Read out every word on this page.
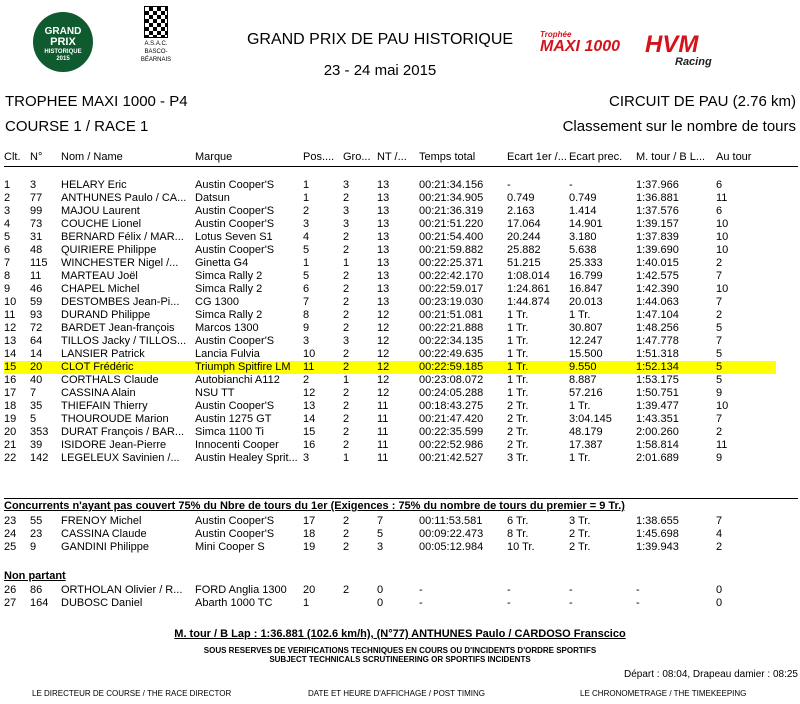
GRAND
PRIX
HISTORIQUE
2015
A.S.A.C.
BASCO-BÉARNAIS
GRAND PRIX DE PAU HISTORIQUE
23 - 24 mai 2015
Trophée
MAXI 1000	HVM
Racing
TROPHEE MAXI 1000 - P4	CIRCUIT DE PAU (2.76 km)
COURSE 1 / RACE 1	Classement sur le nombre de tours
Clt.	N°	Nom / Name	Marque	Pos....	Gro...	NT /...	Temps total	Ecart 1er /...	Ecart prec.	M. tour / B L...	Au tour
1	3	HELARY Eric	Austin Cooper'S	1	3	13	00:21:34.156	-	-	1:37.966	6
2	77	ANTHUNES Paulo / CA...	Datsun	1	2	13	00:21:34.905	0.749	0.749	1:36.881	11
3	99	MAJOU Laurent	Austin Cooper'S	2	3	13	00:21:36.319	2.163	1.414	1:37.576	6
4	73	COUCHE Lionel	Austin Cooper'S	3	3	13	00:21:51.220	17.064	14.901	1:39.157	10
5	31	BERNARD Félix / MAR...	Lotus Seven S1	4	2	13	00:21:54.400	20.244	3.180	1:37.839	10
6	48	QUIRIERE Philippe	Austin Cooper'S	5	2	13	00:21:59.882	25.882	5.638	1:39.690	10
7	115	WINCHESTER Nigel /...	Ginetta G4	1	1	13	00:22:25.371	51.215	25.333	1:40.015	2
8	11	MARTEAU Joël	Simca Rally 2	5	2	13	00:22:42.170	1:08.014	16.799	1:42.575	7
9	46	CHAPEL Michel	Simca Rally 2	6	2	13	00:22:59.017	1:24.861	16.847	1:42.390	10
10	59	DESTOMBES Jean-Pi...	CG 1300	7	2	13	00:23:19.030	1:44.874	20.013	1:44.063	7
11	93	DURAND Philippe	Simca Rally 2	8	2	12	00:21:51.081	1 Tr.	1 Tr.	1:47.104	2
12	72	BARDET Jean-françois	Marcos 1300	9	2	12	00:22:21.888	1 Tr.	30.807	1:48.256	5
13	64	TILLOS Jacky / TILLOS...	Austin Cooper'S	3	3	12	00:22:34.135	1 Tr.	12.247	1:47.778	7
14	14	LANSIER Patrick	Lancia Fulvia	10	2	12	00:22:49.635	1 Tr.	15.500	1:51.318	5
15	20	CLOT Frédéric	Triumph Spitfire LM	11	2	12	00:22:59.185	1 Tr.	9.550	1:52.134	5
16	40	CORTHALS Claude	Autobianchi A112	2	1	12	00:23:08.072	1 Tr.	8.887	1:53.175	5
17	7	CASSINA Alain	NSU TT	12	2	12	00:24:05.288	1 Tr.	57.216	1:50.751	9
18	35	THIEFAIN Thierry	Austin Cooper'S	13	2	11	00:18:43.275	2 Tr.	1 Tr.	1:39.477	10
19	5	THOUROUDE Marion	Austin 1275 GT	14	2	11	00:21:47.420	2 Tr.	3:04.145	1:43.351	7
20	353	DURAT François / BAR...	Simca 1100 Ti	15	2	11	00:22:35.599	2 Tr.	48.179	2:00.260	2
21	39	ISIDORE Jean-Pierre	Innocenti Cooper	16	2	11	00:22:52.986	2 Tr.	17.387	1:58.814	11
22	142	LEGELEUX Savinien /...	Austin Healey Sprit...	3	1	11	00:21:42.527	3 Tr.	1 Tr.	2:01.689	9
Concurrents n'ayant pas couvert 75% du Nbre de tours du 1er (Exigences : 75% du nombre de tours du premier = 9 Tr.)
23	55	FRENOY Michel	Austin Cooper'S	17	2	7	00:11:53.581	6 Tr.	3 Tr.	1:38.655	7
24	23	CASSINA Claude	Austin Cooper'S	18	2	5	00:09:22.473	8 Tr.	2 Tr.	1:45.698	4
25	9	GANDINI Philippe	Mini Cooper S	19	2	3	00:05:12.984	10 Tr.	2 Tr.	1:39.943	2
Non partant
26	86	ORTHOLAN Olivier / R...	FORD Anglia 1300	20	2	0	-	-	-	-	0
27	164	DUBOSC Daniel	Abarth 1000 TC	1		0	-	-	-	-	0
M. tour / B Lap : 1:36.881 (102.6 km/h), (N°77) ANTHUNES Paulo / CARDOSO Franscico
SOUS RESERVES DE VERIFICATIONS TECHNIQUES EN COURS OU D'INCIDENTS D'ORDRE SPORTIFS
SUBJECT TECHNICALS SCRUTINEERING OR SPORTIFS INCIDENTS
Départ : 08:04, Drapeau damier : 08:25
LE DIRECTEUR DE COURSE / THE RACE DIRECTOR	DATE ET HEURE D'AFFICHAGE / POST TIMING	LE CHRONOMETRAGE / THE TIMEKEEPING
